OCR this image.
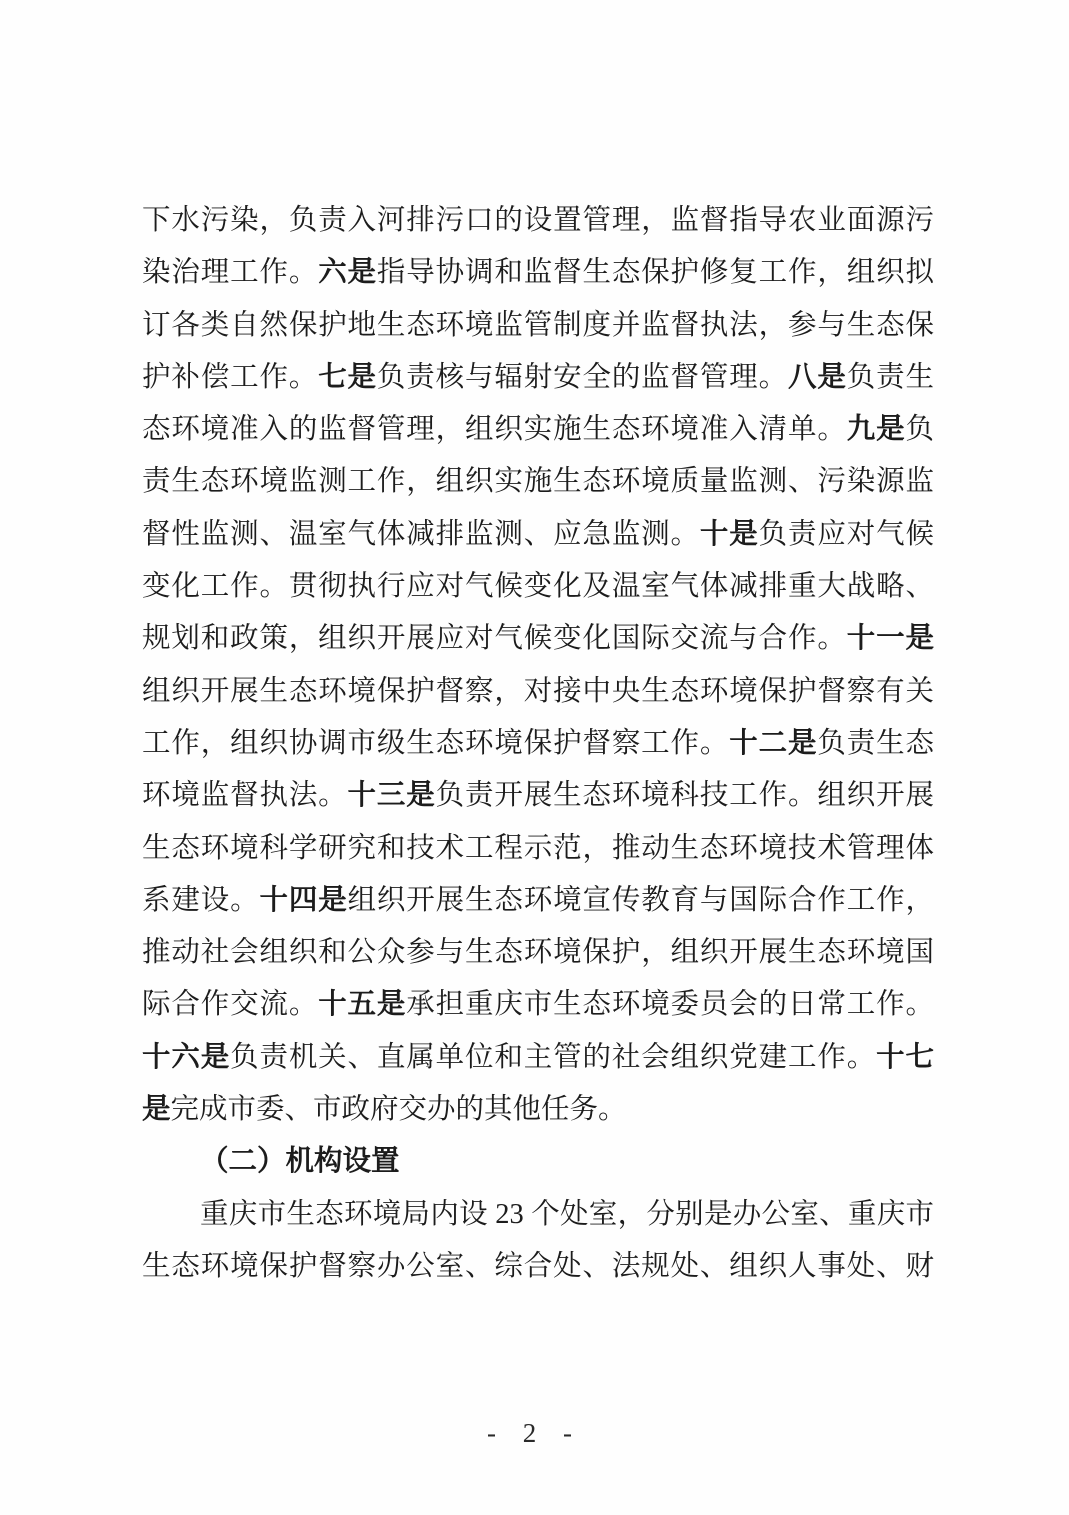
下水污染，负责入河排污口的设置管理，监督指导农业面源污
染治理工作。六是指导协调和监督生态保护修复工作，组织拟
订各类自然保护地生态环境监管制度并监督执法，参与生态保
护补偿工作。七是负责核与辐射安全的监督管理。八是负责生
态环境准入的监督管理，组织实施生态环境准入清单。九是负
责生态环境监测工作，组织实施生态环境质量监测、污染源监
督性监测、温室气体减排监测、应急监测。十是负责应对气候
变化工作。贯彻执行应对气候变化及温室气体减排重大战略、
规划和政策，组织开展应对气候变化国际交流与合作。十一是
组织开展生态环境保护督察，对接中央生态环境保护督察有关
工作，组织协调市级生态环境保护督察工作。十二是负责生态
环境监督执法。十三是负责开展生态环境科技工作。组织开展
生态环境科学研究和技术工程示范，推动生态环境技术管理体
系建设。十四是组织开展生态环境宣传教育与国际合作工作，
推动社会组织和公众参与生态环境保护，组织开展生态环境国
际合作交流。十五是承担重庆市生态环境委员会的日常工作。
十六是负责机关、直属单位和主管的社会组织党建工作。十七
是完成市委、市政府交办的其他任务。
（二）机构设置
重庆市生态环境局内设 23 个处室，分别是办公室、重庆市
生态环境保护督察办公室、综合处、法规处、组织人事处、财
- 2 -
